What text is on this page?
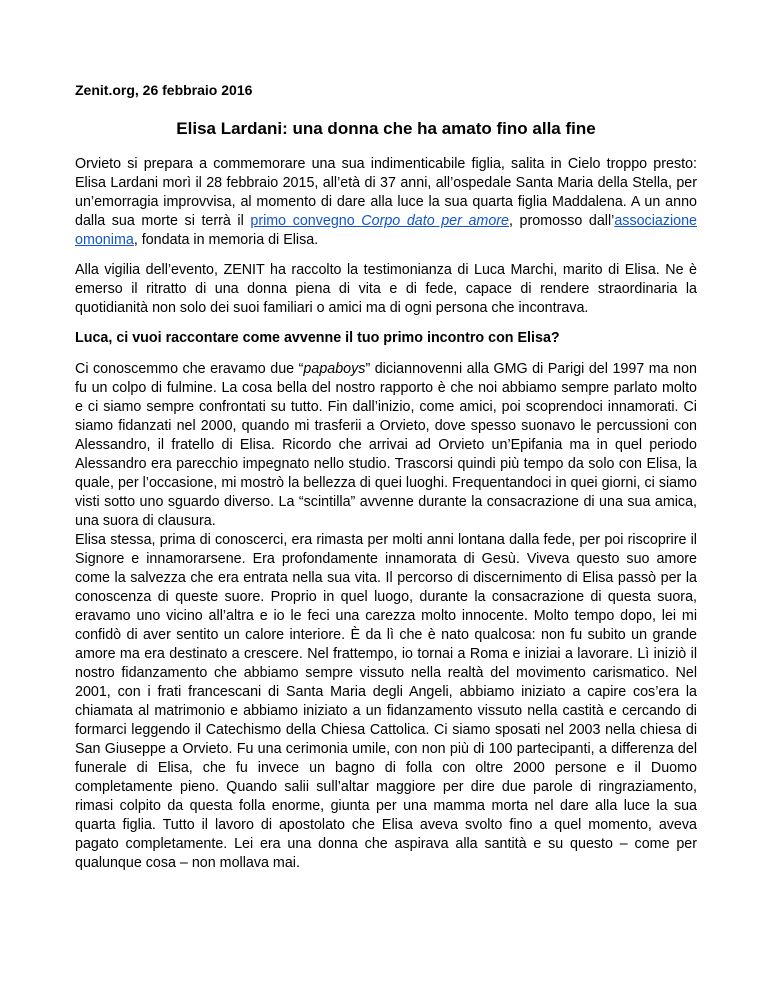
Zenit.org, 26 febbraio 2016
Elisa Lardani: una donna che ha amato fino alla fine

Orvieto si prepara a commemorare una sua indimenticabile figlia, salita in Cielo troppo presto: Elisa Lardani morì il 28 febbraio 2015, all’età di 37 anni, all’ospedale Santa Maria della Stella, per un’emorragia improvvisa, al momento di dare alla luce la sua quarta figlia Maddalena. A un anno dalla sua morte si terrà il primo convegno Corpo dato per amore, promosso dall’associazione omonima, fondata in memoria di Elisa.

Alla vigilia dell’evento, ZENIT ha raccolto la testimonianza di Luca Marchi, marito di Elisa. Ne è emerso il ritratto di una donna piena di vita e di fede, capace di rendere straordinaria la quotidianità non solo dei suoi familiari o amici ma di ogni persona che incontrava.

Luca, ci vuoi raccontare come avvenne il tuo primo incontro con Elisa?

Ci conoscemmo che eravamo due “papaboys” diciannovenni alla GMG di Parigi del 1997 ma non fu un colpo di fulmine. La cosa bella del nostro rapporto è che noi abbiamo sempre parlato molto e ci siamo sempre confrontati su tutto. Fin dall’inizio, come amici, poi scoprendoci innamorati. Ci siamo fidanzati nel 2000, quando mi trasferii a Orvieto, dove spesso suonavo le percussioni con Alessandro, il fratello di Elisa. Ricordo che arrivai ad Orvieto un’Epifania ma in quel periodo Alessandro era parecchio impegnato nello studio. Trascorsi quindi più tempo da solo con Elisa, la quale, per l’occasione, mi mostrò la bellezza di quei luoghi. Frequentandoci in quei giorni, ci siamo visti sotto uno sguardo diverso. La “scintilla” avvenne durante la consacrazione di una sua amica, una suora di clausura.

Elisa stessa, prima di conoscerci, era rimasta per molti anni lontana dalla fede, per poi riscoprire il Signore e innamorarsene. Era profondamente innamorata di Gesù. Viveva questo suo amore come la salvezza che era entrata nella sua vita. Il percorso di discernimento di Elisa passò per la conoscenza di queste suore. Proprio in quel luogo, durante la consacrazione di questa suora, eravamo uno vicino all’altra e io le feci una carezza molto innocente. Molto tempo dopo, lei mi confidò di aver sentito un calore interiore. È da lì che è nato qualcosa: non fu subito un grande amore ma era destinato a crescere. Nel frattempo, io tornai a Roma e iniziai a lavorare. Lì iniziò il nostro fidanzamento che abbiamo sempre vissuto nella realtà del movimento carismatico. Nel 2001, con i frati francescani di Santa Maria degli Angeli, abbiamo iniziato a capire cos’era la chiamata al matrimonio e abbiamo iniziato a un fidanzamento vissuto nella castità e cercando di formarci leggendo il Catechismo della Chiesa Cattolica. Ci siamo sposati nel 2003 nella chiesa di San Giuseppe a Orvieto. Fu una cerimonia umile, con non più di 100 partecipanti, a differenza del funerale di Elisa, che fu invece un bagno di folla con oltre 2000 persone e il Duomo completamente pieno. Quando salii sull’altar maggiore per dire due parole di ringraziamento, rimasi colpito da questa folla enorme, giunta per una mamma morta nel dare alla luce la sua quarta figlia. Tutto il lavoro di apostolato che Elisa aveva svolto fino a quel momento, aveva pagato completamente. Lei era una donna che aspirava alla santità e su questo – come per qualunque cosa – non mollava mai.
